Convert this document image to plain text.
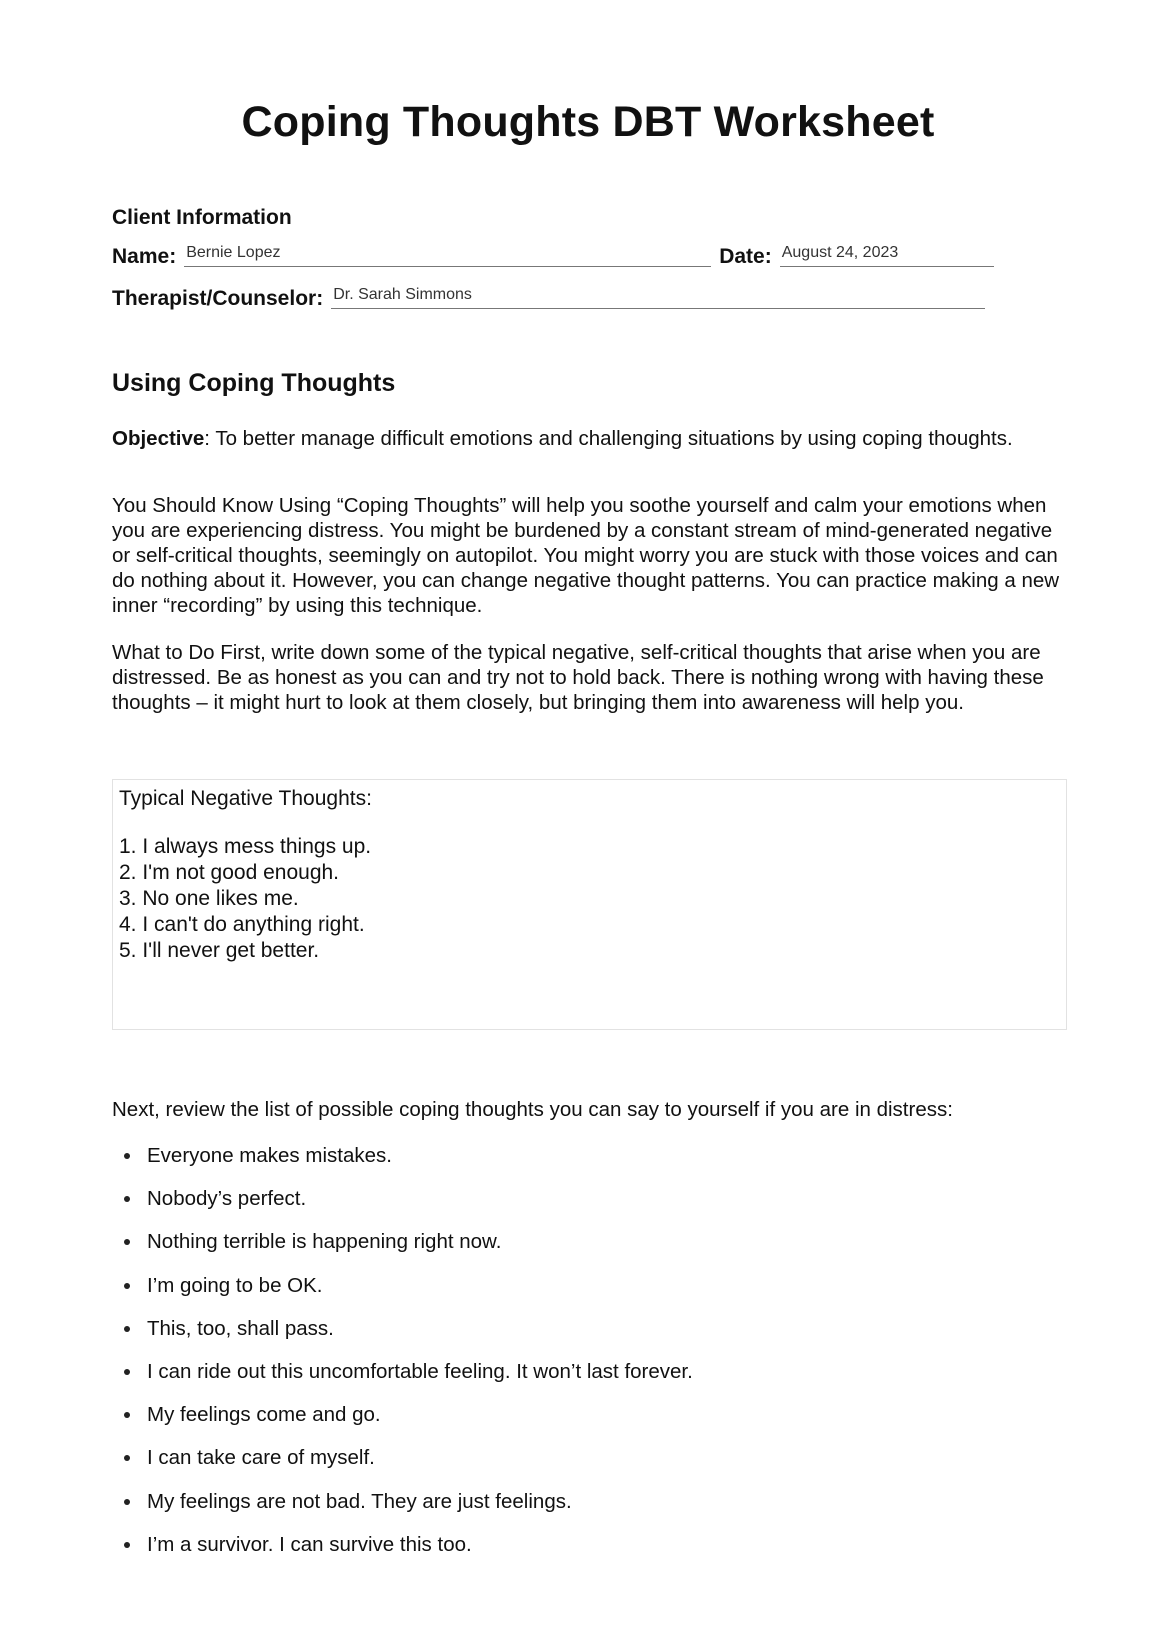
Coping Thoughts DBT Worksheet
Client Information
Name: Bernie Lopez	Date: August 24, 2023
Therapist/Counselor: Dr. Sarah Simmons
Using Coping Thoughts

Objective: To better manage difficult emotions and challenging situations by using coping thoughts.

You Should Know Using “Coping Thoughts” will help you soothe yourself and calm your emotions when you are experiencing distress. You might be burdened by a constant stream of mind-generated negative or self-critical thoughts, seemingly on autopilot. You might worry you are stuck with those voices and can do nothing about it. However, you can change negative thought patterns. You can practice making a new inner “recording” by using this technique.

What to Do First, write down some of the typical negative, self-critical thoughts that arise when you are distressed. Be as honest as you can and try not to hold back. There is nothing wrong with having these thoughts – it might hurt to look at them closely, but bringing them into awareness will help you.

Typical Negative Thoughts:

1. I always mess things up.
2. I'm not good enough.
3. No one likes me.
4. I can't do anything right.
5. I'll never get better.

Next, review the list of possible coping thoughts you can say to yourself if you are in distress:

Everyone makes mistakes.
Nobody’s perfect.
Nothing terrible is happening right now.
I’m going to be OK.
This, too, shall pass.
I can ride out this uncomfortable feeling. It won’t last forever.
My feelings come and go.
I can take care of myself.
My feelings are not bad. They are just feelings.
I’m a survivor. I can survive this too.
